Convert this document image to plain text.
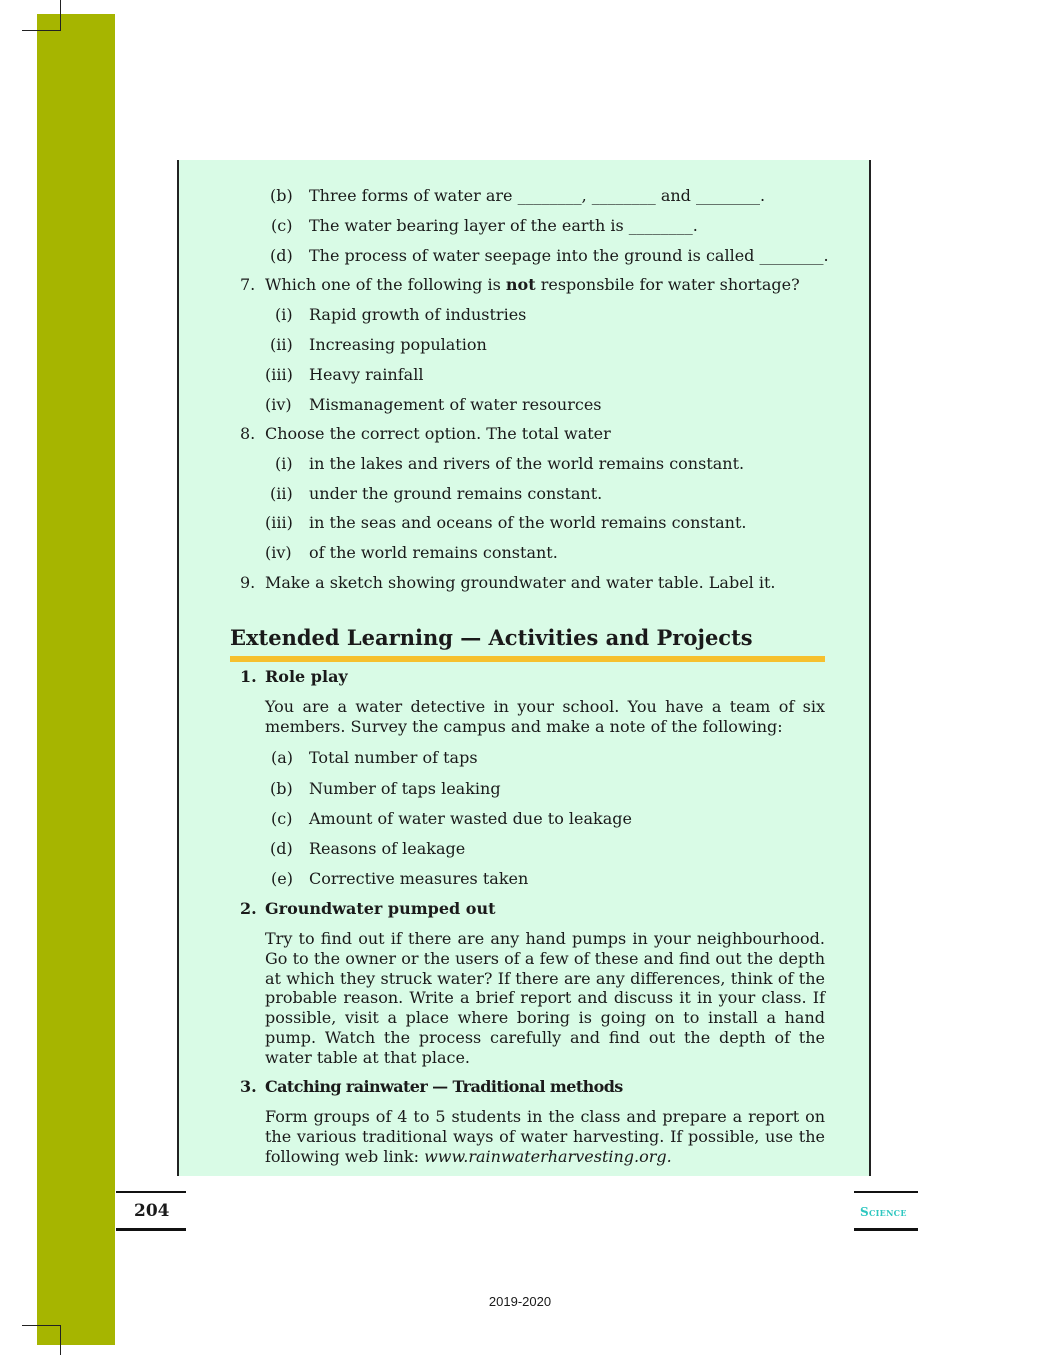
(b) Three forms of water are ________, ________ and ________.
(c) The water bearing layer of the earth is ________.
(d) The process of water seepage into the ground is called ________.
7. Which one of the following is not responsbile for water shortage?
(i) Rapid growth of industries
(ii) Increasing population
(iii) Heavy rainfall
(iv) Mismanagement of water resources
8. Choose the correct option. The total water
(i) in the lakes and rivers of the world remains constant.
(ii) under the ground remains constant.
(iii) in the seas and oceans of the world remains constant.
(iv) of the world remains constant.
9. Make a sketch showing groundwater and water table. Label it.
Extended Learning — Activities and Projects
1. Role play
You are a water detective in your school. You have a team of six members. Survey the campus and make a note of the following:
(a) Total number of taps
(b) Number of taps leaking
(c) Amount of water wasted due to leakage
(d) Reasons of leakage
(e) Corrective measures taken
2. Groundwater pumped out
Try to find out if there are any hand pumps in your neighbourhood. Go to the owner or the users of a few of these and find out the depth at which they struck water? If there are any differences, think of the probable reason. Write a brief report and discuss it in your class. If possible, visit a place where boring is going on to install a hand pump. Watch the process carefully and find out the depth of the water table at that place.
3. Catching rainwater — Traditional methods
Form groups of 4 to 5 students in the class and prepare a report on the various traditional ways of water harvesting. If possible, use the following web link: www.rainwaterharvesting.org.
204	Science
2019-2020
